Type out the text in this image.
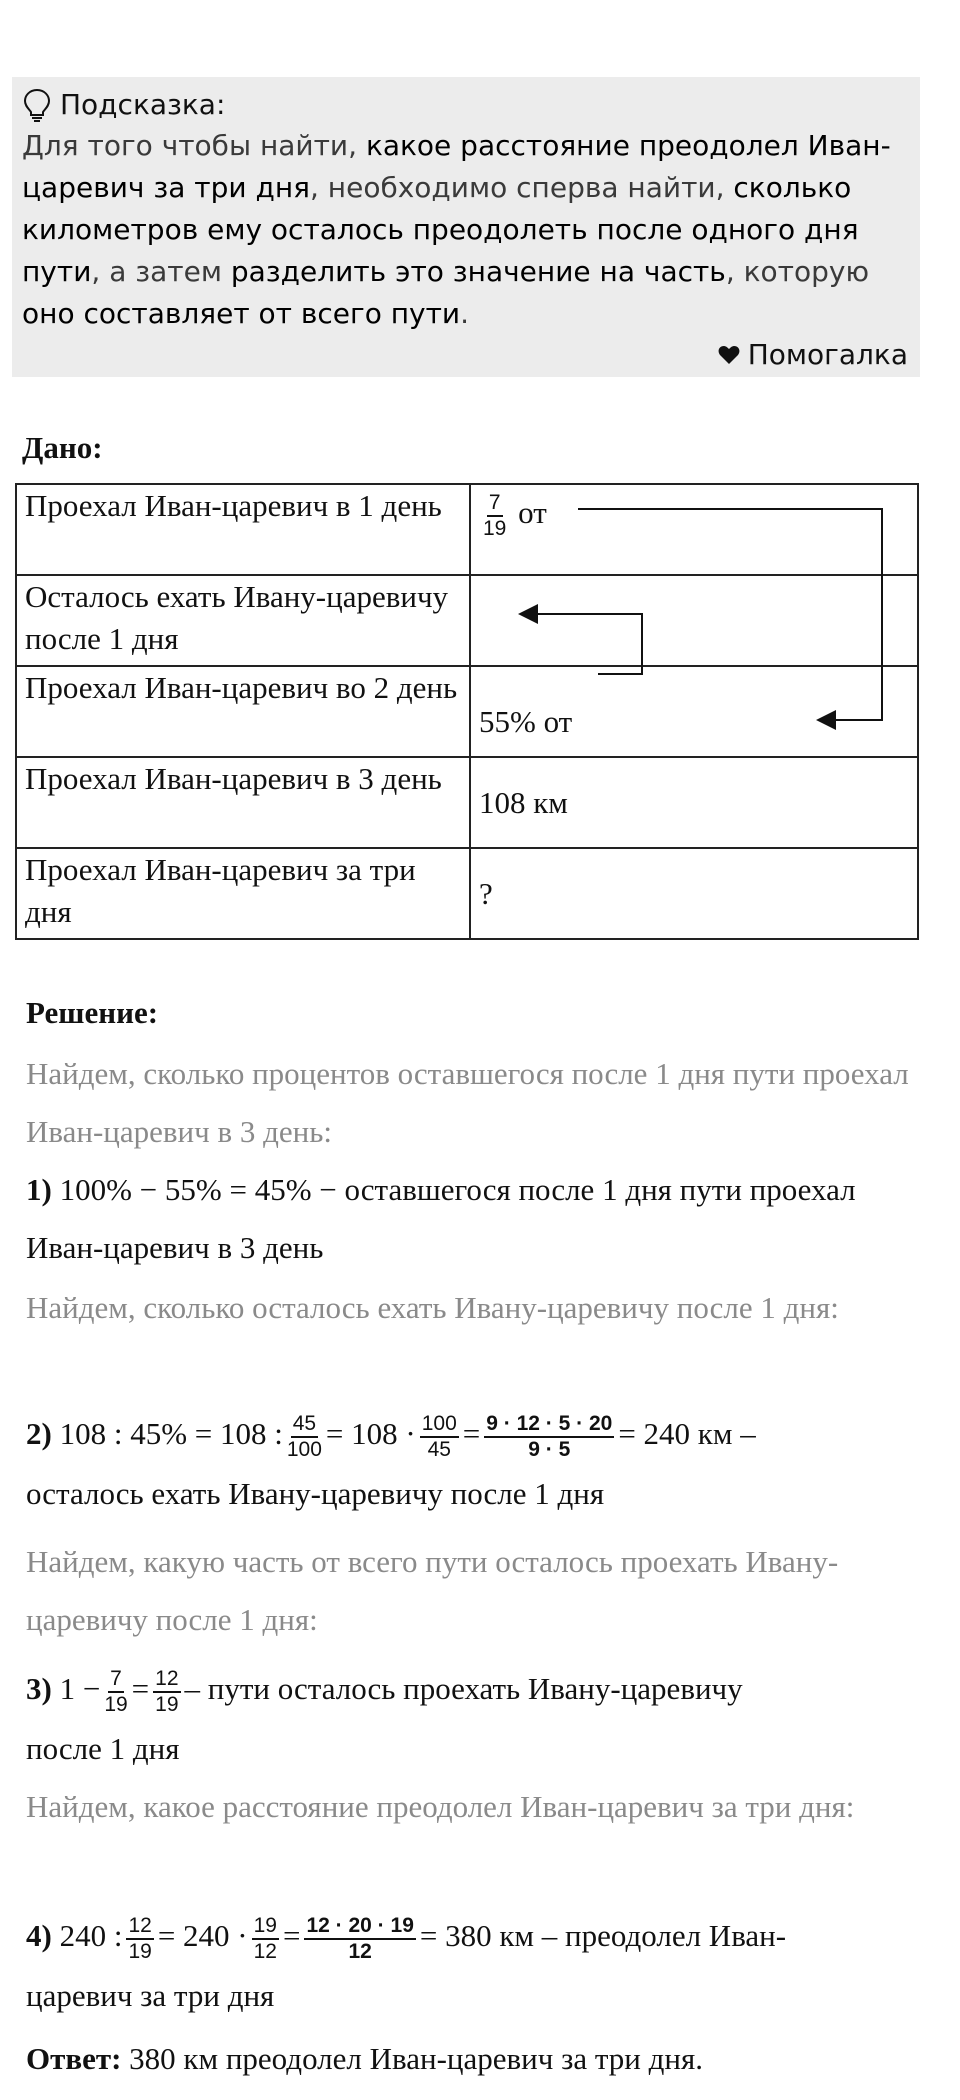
Подсказка:
Для того чтобы найти, какое расстояние преодолел Иван-царевич за три дня, необходимо сперва найти, сколько километров ему осталось преодолеть после одного дня пути, а затем разделить это значение на часть, которую оно составляет от всего пути.
Помогалка
Дано:
Проехал Иван-царевич в 1 день	$\frac{7}{19}$ от
Осталось ехать Ивану-царевичу после 1 дня	
Проехал Иван-царевич во 2 день	55% от
Проехал Иван-царевич в 3 день	108 км
Проехал Иван-царевич за три дня	?
Решение:
Найдем, сколько процентов оставшегося после 1 дня пути проехал Иван-царевич в 3 день:
1) 100% − 55% = 45% − оставшегося после 1 дня пути проехал Иван-царевич в 3 день
Найдем, сколько осталось ехать Ивану-царевичу после 1 дня:
2) 108 : 45% = 108 : $\frac{45}{100} = 108 \cdot \frac{100}{45} = \frac{9 \cdot 12 \cdot 5 \cdot 20}{9 \cdot 5} = 240$ км –
осталось ехать Ивану-царевичу после 1 дня
Найдем, какую часть от всего пути осталось проехать Ивану-царевичу после 1 дня:
3) $1 - \frac{7}{19} = \frac{12}{19}$ – пути осталось проехать Ивану-царевичу
после 1 дня
Найдем, какое расстояние преодолел Иван-царевич за три дня:
4) 240 : $\frac{12}{19} = 240 \cdot \frac{19}{12} = \frac{12 \cdot 20 \cdot 19}{12} = 380$ км – преодолел Иван-
царевич за три дня
Ответ: 380 км преодолел Иван-царевич за три дня.
